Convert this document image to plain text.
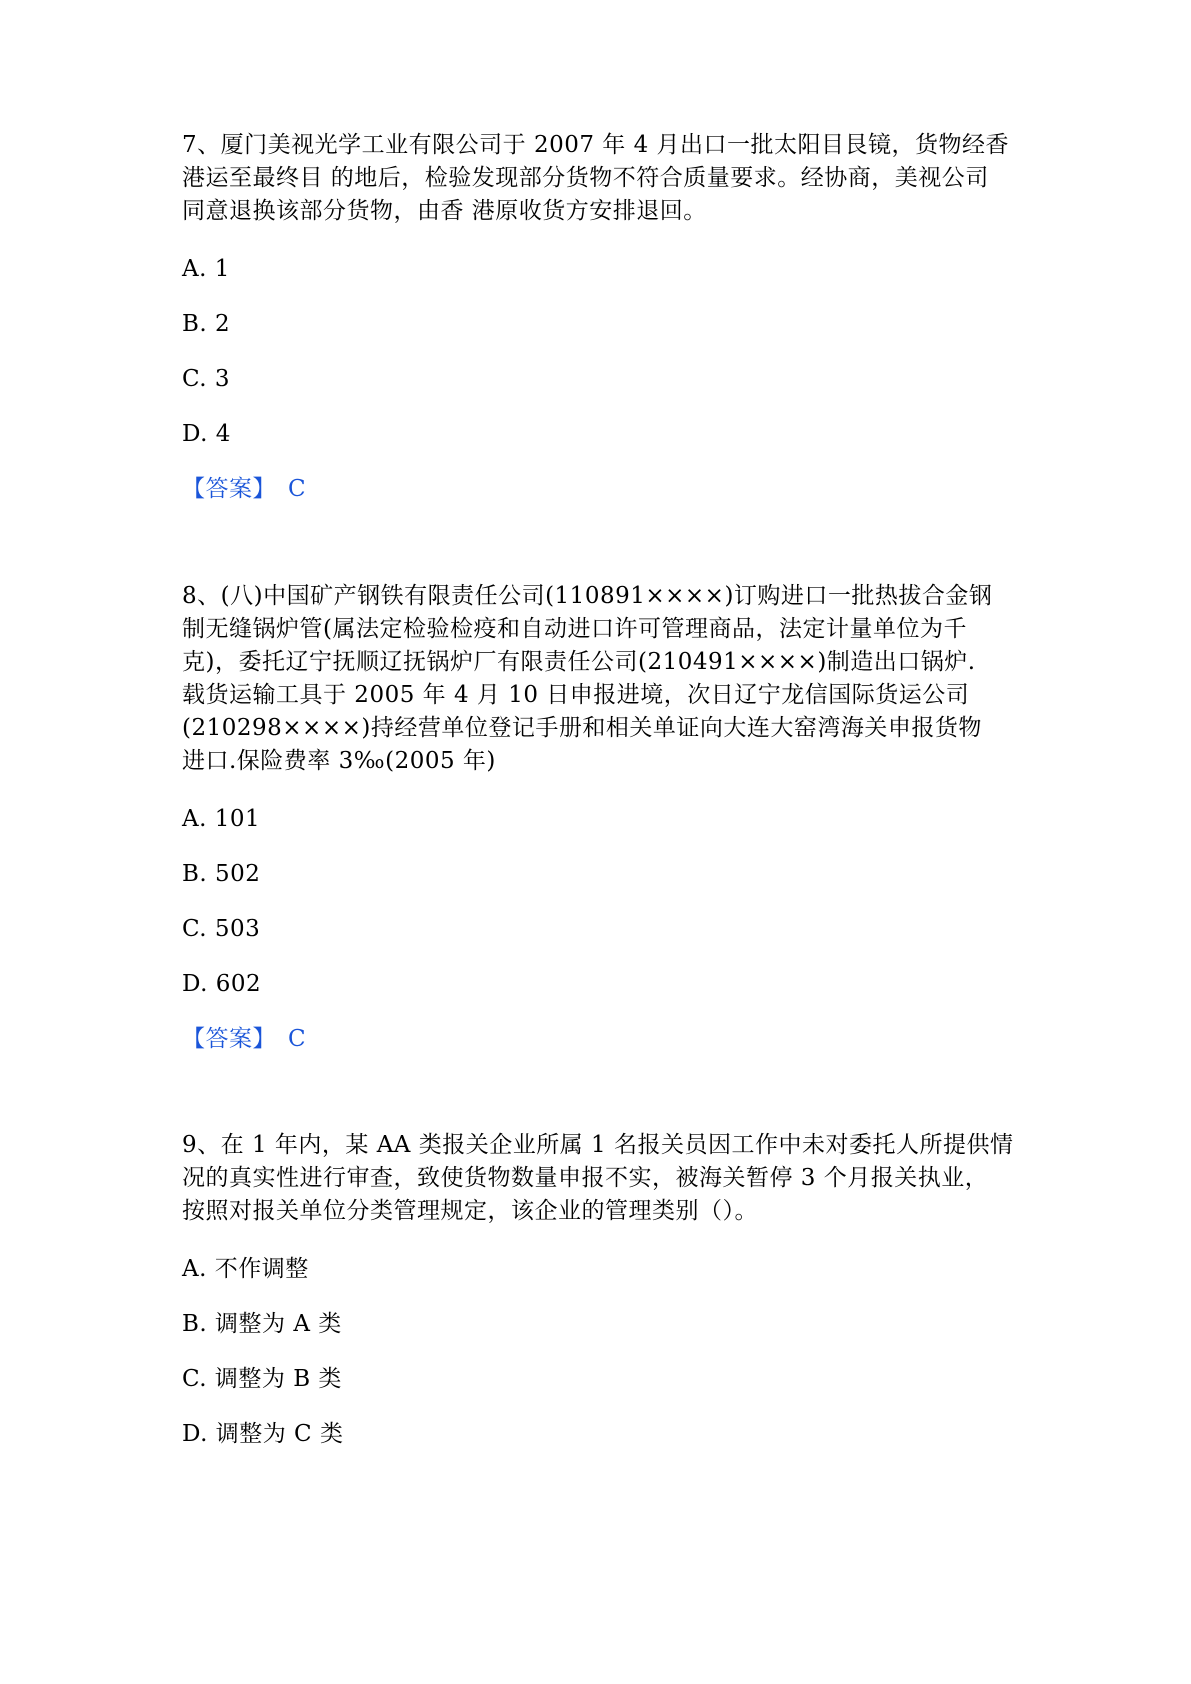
7、厦门美视光学工业有限公司于 2007 年 4 月出口一批太阳目艮镜，货物经香
港运至最终目 的地后，检验发现部分货物不符合质量要求。经协商，美视公司
同意退换该部分货物，由香 港原收货方安排退回。
A. 1
B. 2
C. 3
D. 4
【答案】 C
8、(八)中国矿产钢铁有限责任公司(110891××××)订购进口一批热拔合金钢
制无缝锅炉管(属法定检验检疫和自动进口许可管理商品，法定计量单位为千
克)，委托辽宁抚顺辽抚锅炉厂有限责任公司(210491××××)制造出口锅炉.
载货运输工具于 2005 年 4 月 10 日申报进境，次日辽宁龙信国际货运公司
(210298××××)持经营单位登记手册和相关单证向大连大窑湾海关申报货物
进口.保险费率 3‰(2005 年)
A. 101
B. 502
C. 503
D. 602
【答案】 C
9、在 1 年内，某 AA 类报关企业所属 1 名报关员因工作中未对委托人所提供情
况的真实性进行审查，致使货物数量申报不实，被海关暂停 3 个月报关执业，
按照对报关单位分类管理规定，该企业的管理类别（）。
A. 不作调整
B. 调整为 A 类
C. 调整为 B 类
D. 调整为 C 类
